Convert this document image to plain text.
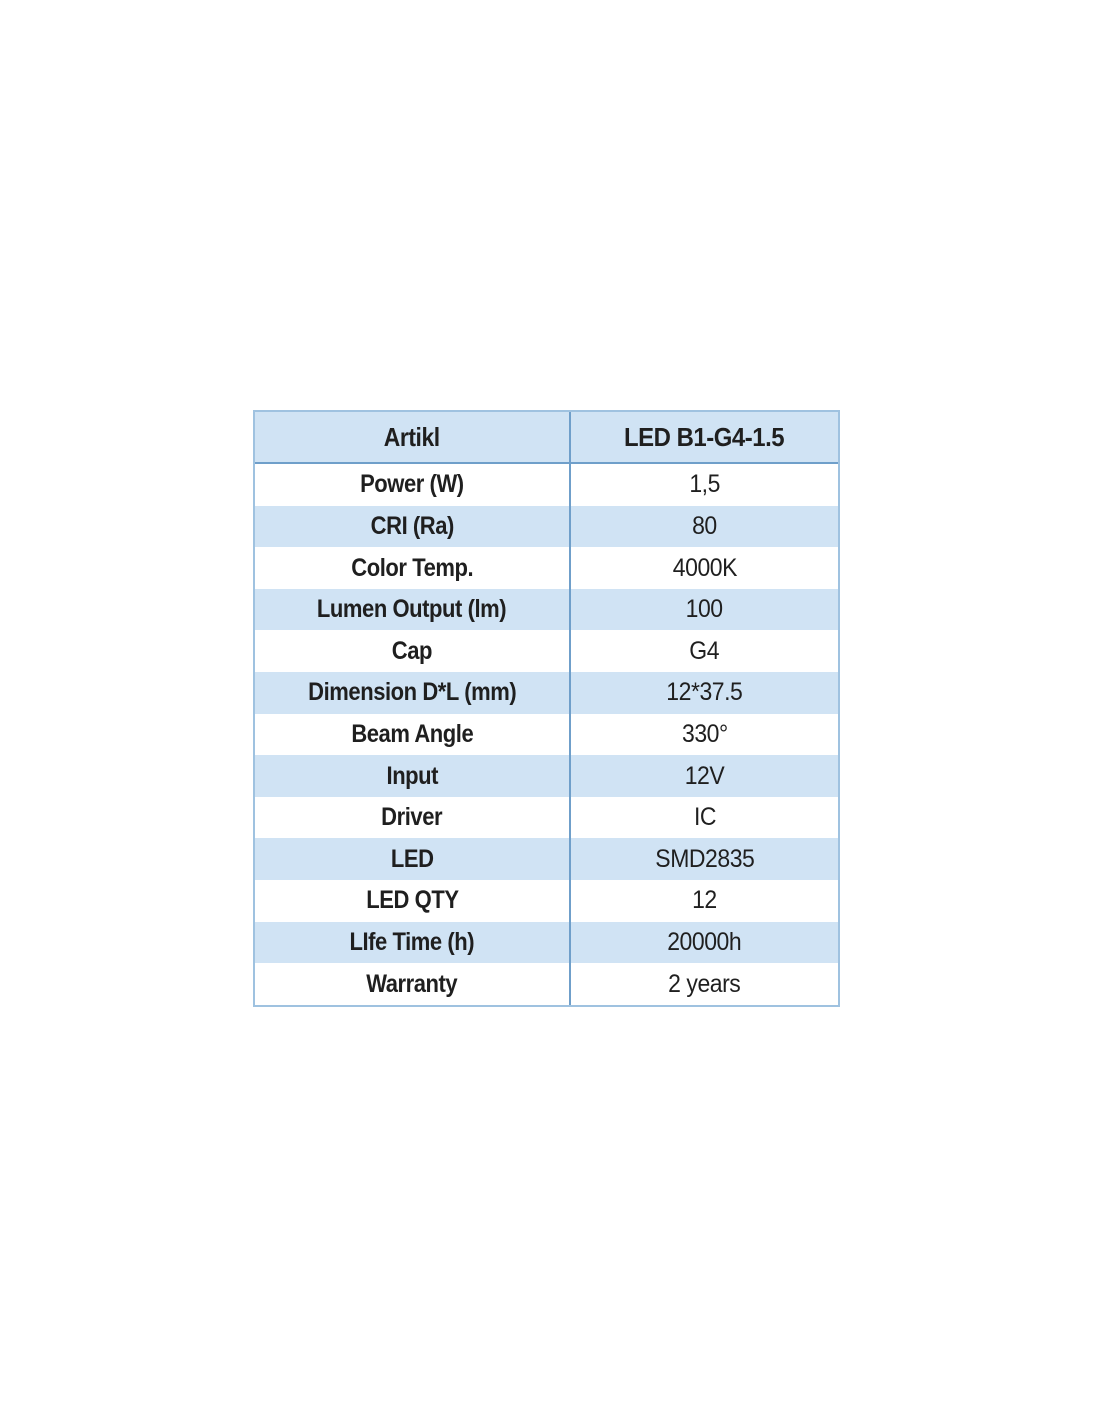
Artikl	LED B1-G4-1.5
Power (W)	1,5
CRI (Ra)	80
Color Temp.	4000K
Lumen Output (lm)	100
Cap	G4
Dimension D*L (mm)	12*37.5
Beam Angle	330°
Input	12V
Driver	IC
LED	SMD2835
LED QTY	12
LIfe Time (h)	20000h
Warranty	2 years
